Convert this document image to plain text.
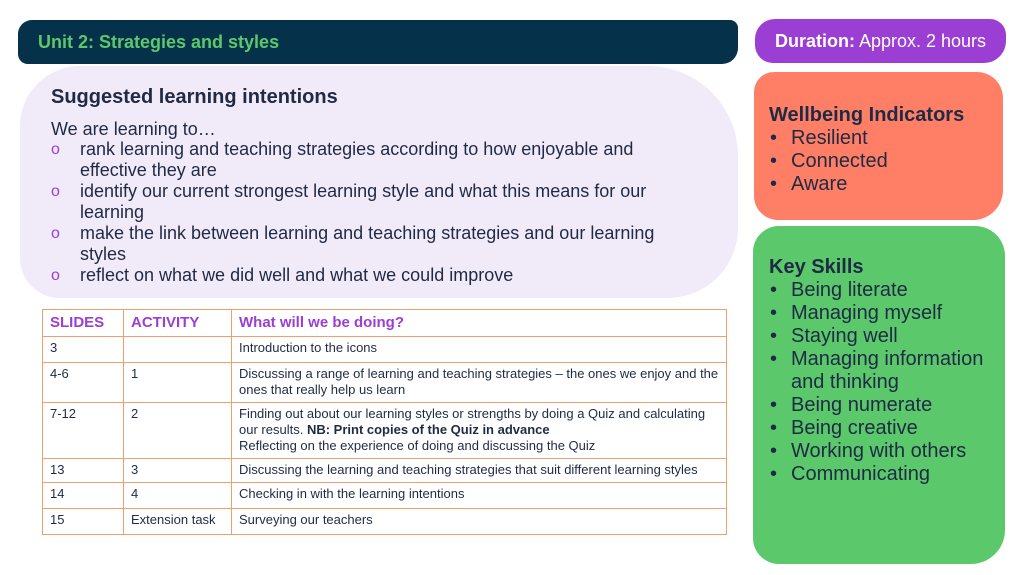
Unit 2: Strategies and styles	Duration: Approx. 2 hours
Suggested learning intentions
We are learning to…
o rank learning and teaching strategies according to how enjoyable and effective they are
o identify our current strongest learning style and what this means for our learning
o make the link between learning and teaching strategies and our learning styles
o reflect on what we did well and what we could improve
Wellbeing Indicators
• Resilient
• Connected
• Aware
Key Skills
• Being literate
• Managing myself
• Staying well
• Managing information and thinking
• Being numerate
• Being creative
• Working with others
• Communicating
SLIDES	ACTIVITY	What will we be doing?
3		Introduction to the icons
4-6	1	Discussing a range of learning and teaching strategies – the ones we enjoy and the ones that really help us learn
7-12	2	Finding out about our learning styles or strengths by doing a Quiz and calculating our results. NB: Print copies of the Quiz in advance
Reflecting on the experience of doing and discussing the Quiz
13	3	Discussing the learning and teaching strategies that suit different learning styles
14	4	Checking in with the learning intentions
15	Extension task	Surveying our teachers
